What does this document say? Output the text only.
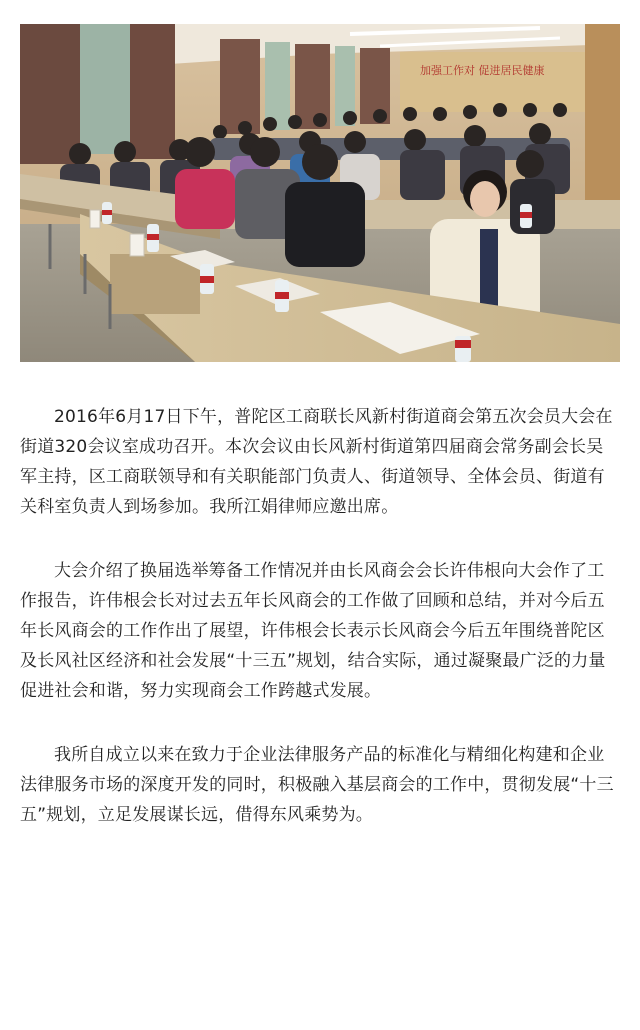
加强工作对 促进居民健康

2016年6月17日下午，普陀区工商联长风新村街道商会第五次会员大会在街道320会议室成功召开。本次会议由长风新村街道第四届商会常务副会长吴军主持，区工商联领导和有关职能部门负责人、街道领导、全体会员、街道有关科室负责人到场参加。我所江娟律师应邀出席。

大会介绍了换届选举筹备工作情况并由长风商会会长许伟根向大会作了工作报告，许伟根会长对过去五年长风商会的工作做了回顾和总结，并对今后五年长风商会的工作作出了展望，许伟根会长表示长风商会今后五年围绕普陀区及长风社区经济和社会发展“十三五”规划，结合实际，通过凝聚最广泛的力量促进社会和谐，努力实现商会工作跨越式发展。

我所自成立以来在致力于企业法律服务产品的标准化与精细化构建和企业法律服务市场的深度开发的同时，积极融入基层商会的工作中，贯彻发展“十三五”规划，立足发展谋长远，借得东风乘势为。
